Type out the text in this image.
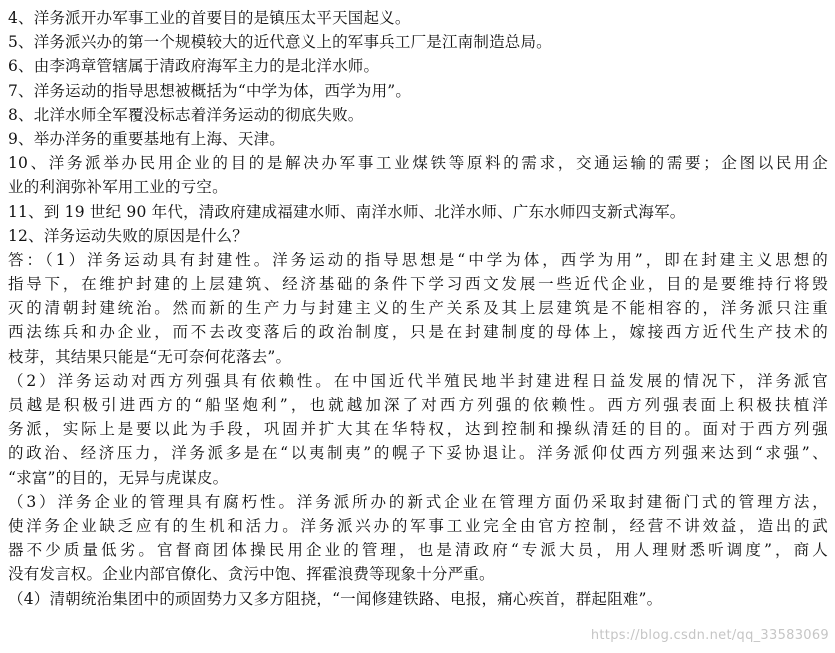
4、洋务派开办军事工业的首要目的是镇压太平天国起义。
5、洋务派兴办的第一个规模较大的近代意义上的军事兵工厂是江南制造总局。
6、由李鸿章管辖属于清政府海军主力的是北洋水师。
7、洋务运动的指导思想被概括为“中学为体，西学为用”。
8、北洋水师全军覆没标志着洋务运动的彻底失败。
9、举办洋务的重要基地有上海、天津。
10、洋务派举办民用企业的目的是解决办军事工业煤铁等原料的需求，交通运输的需要；企图以民用企
业的利润弥补军用工业的亏空。
11、到 19 世纪 90 年代，清政府建成福建水师、南洋水师、北洋水师、广东水师四支新式海军。
12、洋务运动失败的原因是什么？
答：（1）洋务运动具有封建性。洋务运动的指导思想是“中学为体，西学为用”，即在封建主义思想的
指导下，在维护封建的上层建筑、经济基础的条件下学习西文发展一些近代企业，目的是要维持行将毁
灭的清朝封建统治。然而新的生产力与封建主义的生产关系及其上层建筑是不能相容的，洋务派只注重
西法练兵和办企业，而不去改变落后的政治制度，只是在封建制度的母体上，嫁接西方近代生产技术的
枝芽，其结果只能是“无可奈何花落去”。
（2）洋务运动对西方列强具有依赖性。在中国近代半殖民地半封建进程日益发展的情况下，洋务派官
员越是积极引进西方的“船坚炮利”，也就越加深了对西方列强的依赖性。西方列强表面上积极扶植洋
务派，实际上是要以此为手段，巩固并扩大其在华特权，达到控制和操纵清廷的目的。面对于西方列强
的政治、经济压力，洋务派多是在“以夷制夷”的幌子下妥协退让。洋务派仰仗西方列强来达到“求强”、
“求富”的目的，无异与虎谋皮。
（3）洋务企业的管理具有腐朽性。洋务派所办的新式企业在管理方面仍采取封建衙门式的管理方法，
使洋务企业缺乏应有的生机和活力。洋务派兴办的军事工业完全由官方控制，经营不讲效益，造出的武
器不少质量低劣。官督商团体操民用企业的管理，也是清政府“专派大员，用人理财悉听调度”，商人
没有发言权。企业内部官僚化、贪污中饱、挥霍浪费等现象十分严重。
（4）清朝统治集团中的顽固势力又多方阻挠，“一闻修建铁路、电报，痛心疾首，群起阻难”。
https://blog.csdn.net/qq_33583069
